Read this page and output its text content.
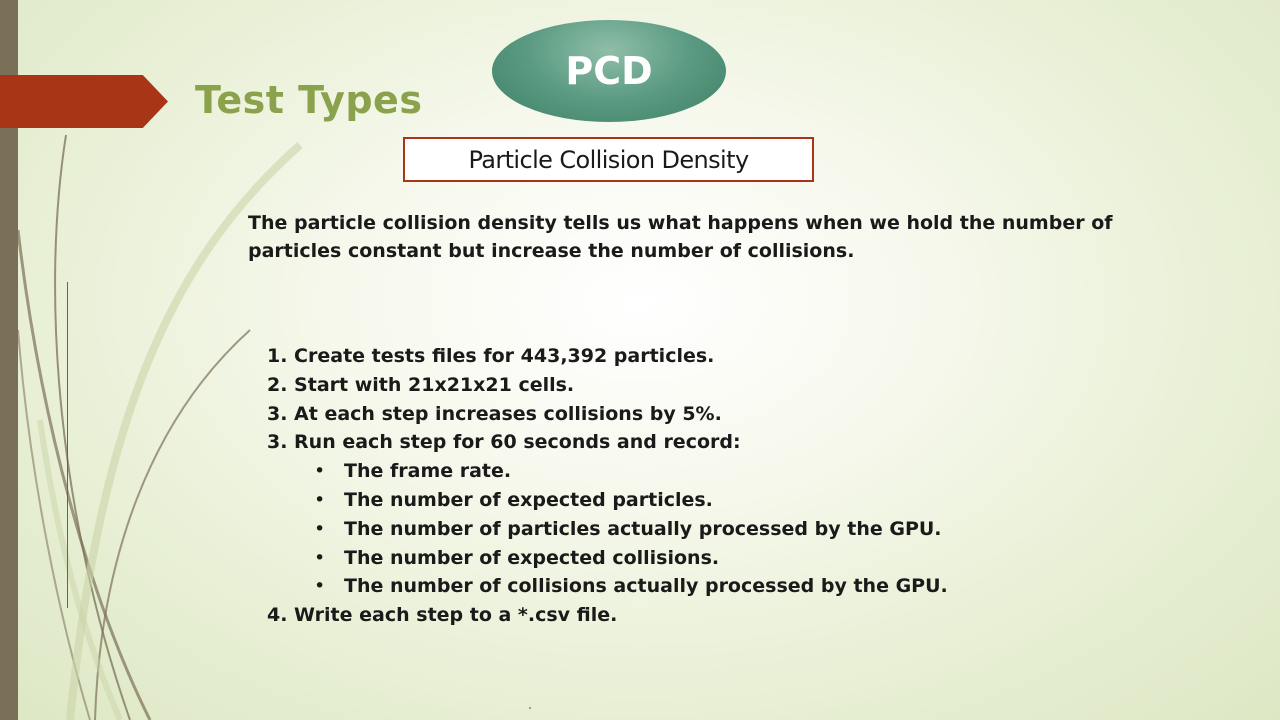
Test Types
PCD
Particle Collision Density

The particle collision density tells us what happens when we hold the number of particles constant but increase the number of collisions.

1. Create tests files for 443,392 particles.
2. Start with 21x21x21 cells.
3. At each step increases collisions by 5%.
3. Run each step for 60 seconds and record:
• The frame rate.
• The number of expected particles.
• The number of particles actually processed by the GPU.
• The number of expected collisions.
• The number of collisions actually processed by the GPU.
4. Write each step to a *.csv file.
